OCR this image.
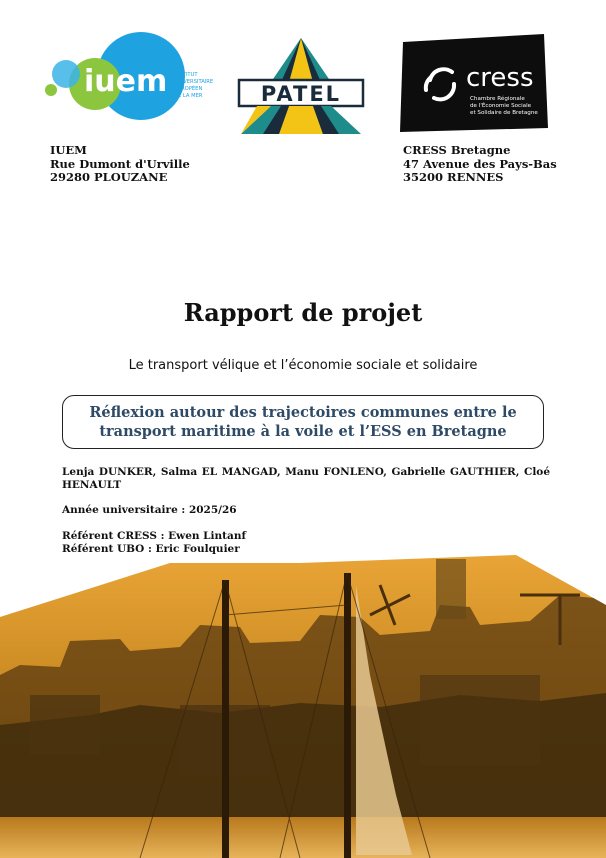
iuem INSTITUT
UNIVERSITAIRE
EUROPÉEN
DE LA MER	PATEL
cress
Chambre Régionale
de l'Économie Sociale
et Solidaire de Bretagne
IUEM
Rue Dumont d'Urville
29280 PLOUZANE
CRESS Bretagne
47 Avenue des Pays-Bas
35200 RENNES
Rapport de projet
Le transport vélique et l’économie sociale et solidaire
Réflexion autour des trajectoires communes entre le
transport maritime à la voile et l’ESS en Bretagne
Lenja DUNKER, Salma EL MANGAD, Manu FONLENO, Gabrielle GAUTHIER, Cloé HENAULT
Année universitaire : 2025/26
Référent CRESS : Ewen Lintanf
Référent UBO : Eric Foulquier
